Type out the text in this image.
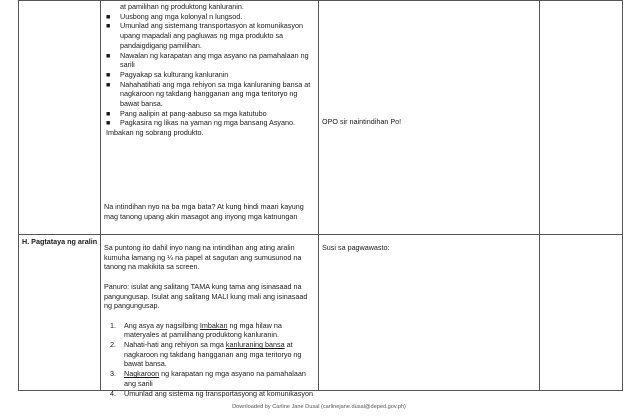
at pamilihan ng produktong kanluranin.
■ Uusbong ang mga kolonyal n lungsod.
■ Umunlad ang sistemang transportasyon at komunikasyon upang mapadali ang pagluwas ng mga produkto sa pandaigdigang pamilihan.
■ Nawalan ng karapatan ang mga asyano na pamahalaan ng sarili
■ Pagyakap sa kulturang kanluranin
■ Nahahatihati ang mga rehiyon sa mga kanluraning bansa at nagkaroon ng takdang hangganan ang mga teritoryo ng bawat bansa.
■ Pang aalipin at pang-aabuso sa mga katutubo
■ Pagkasira ng likas na yaman ng mga bansang Asyano.

Imbakan ng sobrang produkto.

Na intindihan nyo na ba mga bata? At kung hindi maari kayung mag tanong upang akin masagot ang inyong mga katnungan
OPO sir naintindihan Po!
H. Pagtataya ng aralin

Sa puntong ito dahil inyo nang na intindihan ang ating aralin kumuha lamang ng ¼ na papel at sagutan ang sumusunod na tanong na makikita sa screen.

Panuro: isulat ang salitang TAMA kung tama ang isinasaad na pangungusap. Isulat ang salitang MALI kung mali ang isinasaad ng pangungusap.

1. Ang asya ay nagsilbing Imbakan ng mga hilaw na materyales at pamilihang produktong kanluranin.
2. Nahati-hati ang rehiyon sa mga kanluraning bansa at nagkaroon ng takdang hangganan ang mga teritoryo ng bawat bansa.
3. Nagkaroon ng karapatan ng mga asyano na pamahalaan ang sarili
4. Umunlad ang sistema ng transportasyong at komunikasyon
Susi sa pagwawasto:
Downloaded by Carline Jane Dusal (carlinejane.dusal@deped.gov.ph)
